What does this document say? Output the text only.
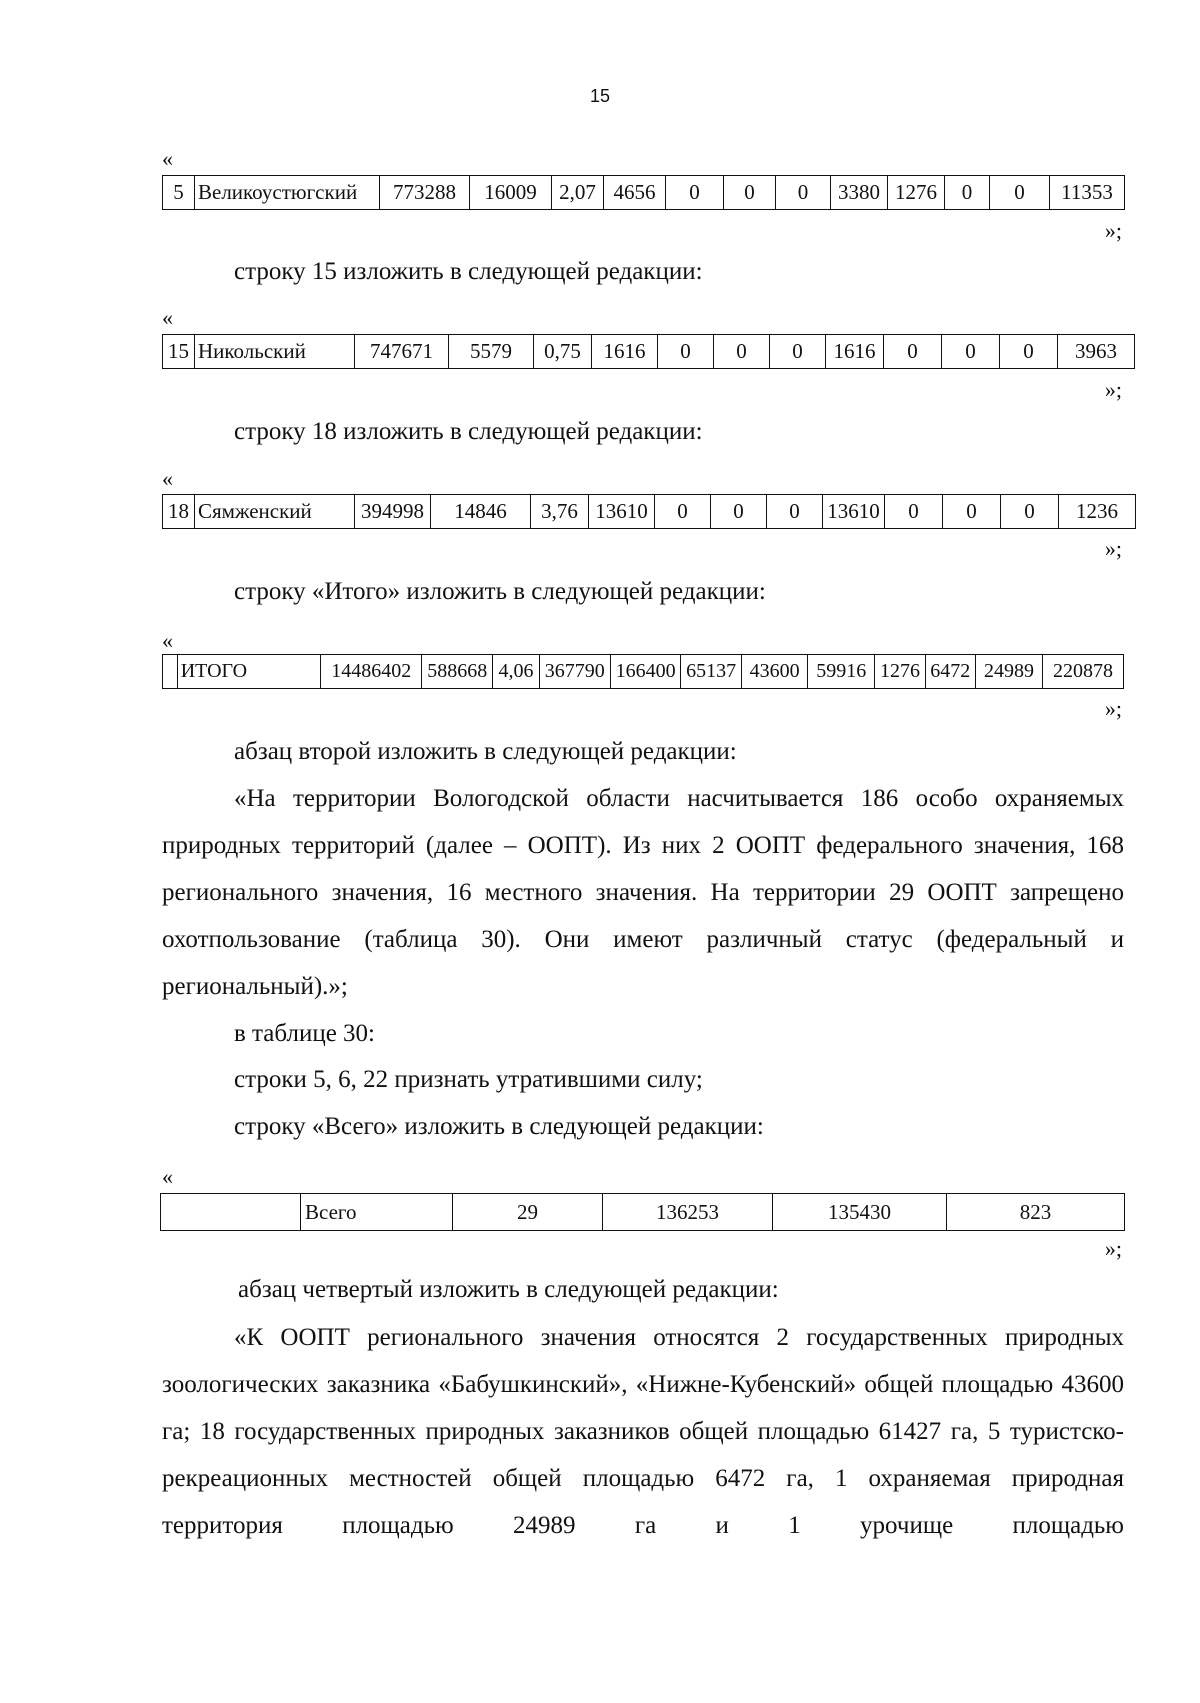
15
«
5	Великоустюгский	773288	16009	2,07	4656	0	0	0	3380	1276	0	0	11353
»;
строку 15 изложить в следующей редакции:
«
15	Никольский	747671	5579	0,75	1616	0	0	0	1616	0	0	0	3963
»;
строку 18 изложить в следующей редакции:
«
18	Сямженский	394998	14846	3,76	13610	0	0	0	13610	0	0	0	1236
»;
строку «Итого» изложить в следующей редакции:
«
	ИТОГО	14486402	588668	4,06	367790	166400	65137	43600	59916	1276	6472	24989	220878
»;
абзац второй изложить в следующей редакции:

«На территории Вологодской области насчитывается 186 особо охраняемых природных территорий (далее – ООПТ). Из них 2 ООПТ федерального значения, 168 регионального значения, 16 местного значения. На территории 29 ООПТ запрещено охотпользование (таблица 30). Они имеют различный статус (федеральный и региональный).»;

в таблице 30:
строки 5, 6, 22 признать утратившими силу;
строку «Всего» изложить в следующей редакции:
«
	Всего	29	136253	135430	823
»;
абзац четвертый изложить в следующей редакции:

«К ООПТ регионального значения относятся 2 государственных природных зоологических заказника «Бабушкинский», «Нижне-Кубенский» общей площадью 43600 га; 18 государственных природных заказников общей площадью 61427 га, 5 туристско-рекреационных местностей общей площадью 6472 га, 1 охраняемая природная территория площадью 24989 га и 1 урочище площадью
